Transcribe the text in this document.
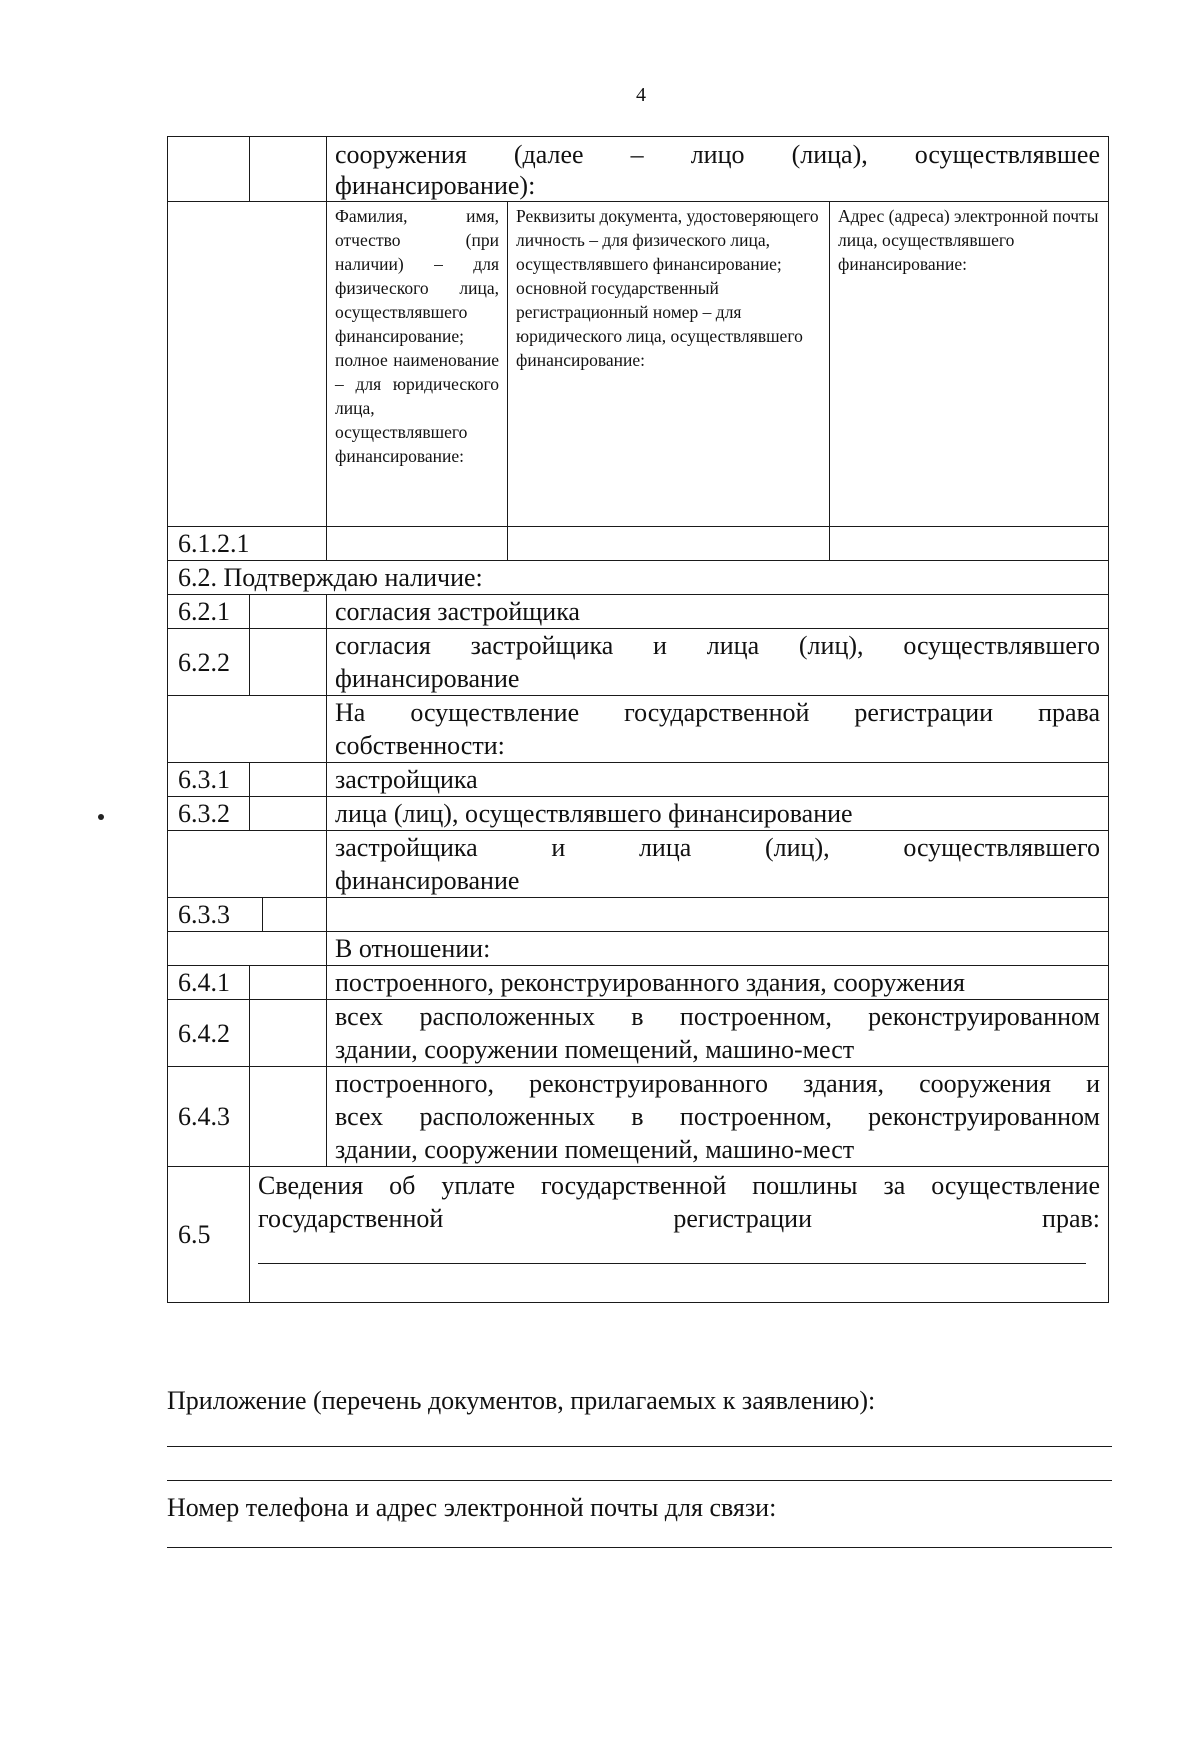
4

			сооружения (далее – лицо (лица), осуществлявшее
финансирование):		

			Фамилия, имя, отчество (при наличии) – для физического лица, осуществлявшего финансирование; полное наименование – для юридического лица, осуществлявшего финансирование:	Реквизиты документа, удостоверяющего личность – для физического лица, осуществлявшего финансирование; основной государственный регистрационный номер – для юридического лица, осуществлявшего финансирование:	Адрес (адреса) электронной почты лица, осуществлявшего финансирование:
6.1.2.1					
6.2. Подтверждаю наличие:					
6.2.1			согласия застройщика		
6.2.2			согласия застройщика и лица (лиц), осуществлявшего
финансирование		

			На осуществление государственной регистрации права
собственности:		

6.3.1			застройщика		
6.3.2			лица (лиц), осуществлявшего финансирование		

			застройщика и лица (лиц), осуществлявшего
финансирование		

6.3.3					
			В отношении:		
6.4.1			построенного, реконструированного здания, сооружения		
6.4.2			всех расположенных в построенном, реконструированном
здании, сооружении помещений, машино-мест		

6.4.3			построенного, реконструированного здания, сооружения и
всех расположенных в построенном, реконструированном
здании, сооружении помещений, машино-мест		

6.5	Сведения об уплате государственной пошлины за осуществление
государственной регистрации прав:				
Приложение (перечень документов, прилагаемых к заявлению):
Номер телефона и адрес электронной почты для связи:
